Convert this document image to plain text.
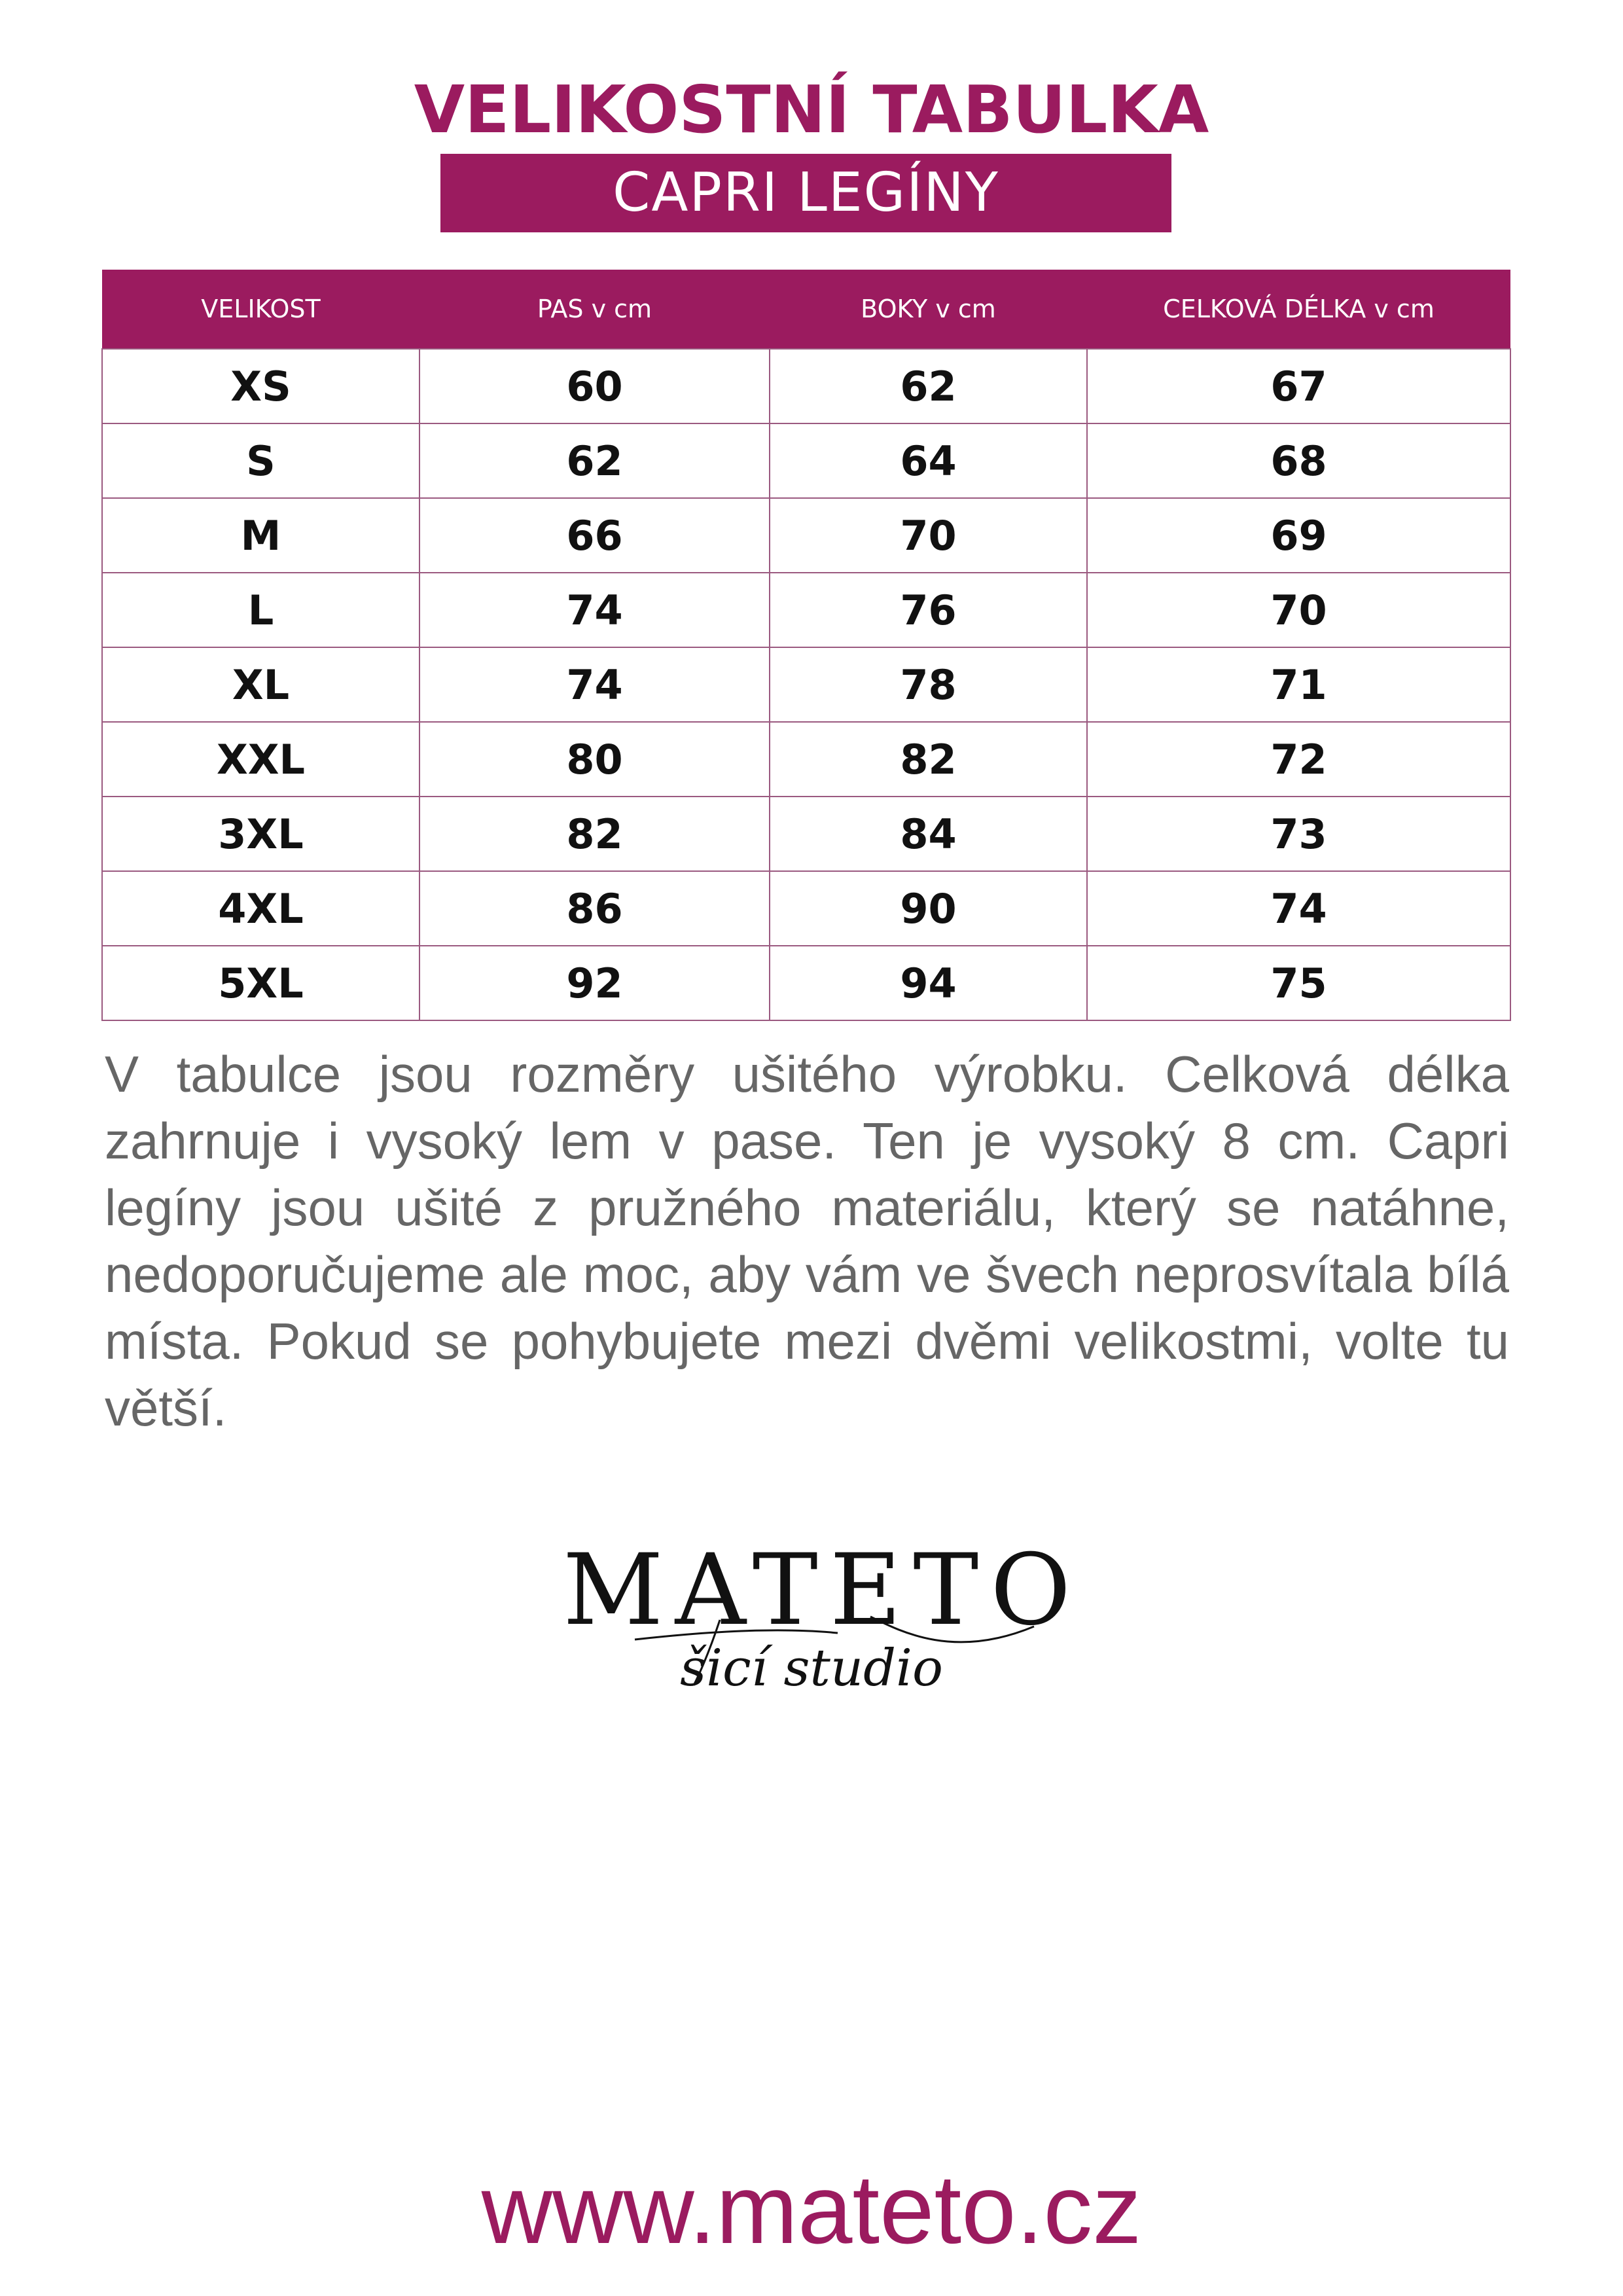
VELIKOSTNÍ TABULKA
CAPRI LEGÍNY
VELIKOST	PAS v cm	BOKY v cm	CELKOVÁ DÉLKA v cm
XS	60	62	67
S	62	64	68
M	66	70	69
L	74	76	70
XL	74	78	71
XXL	80	82	72
3XL	82	84	73
4XL	86	90	74
5XL	92	94	75

V tabulce jsou rozměry ušitého výrobku. Celková délka zahrnuje i vysoký lem v pase. Ten je vysoký 8 cm. Capri legíny jsou ušité z pružného materiálu, který se natáhne, nedoporučujeme ale moc, aby vám ve švech neprosvítala bílá místa. Pokud se pohybujete mezi dvěmi velikostmi, volte tu větší.

MATETO
šicí studio
www.mateto.cz
